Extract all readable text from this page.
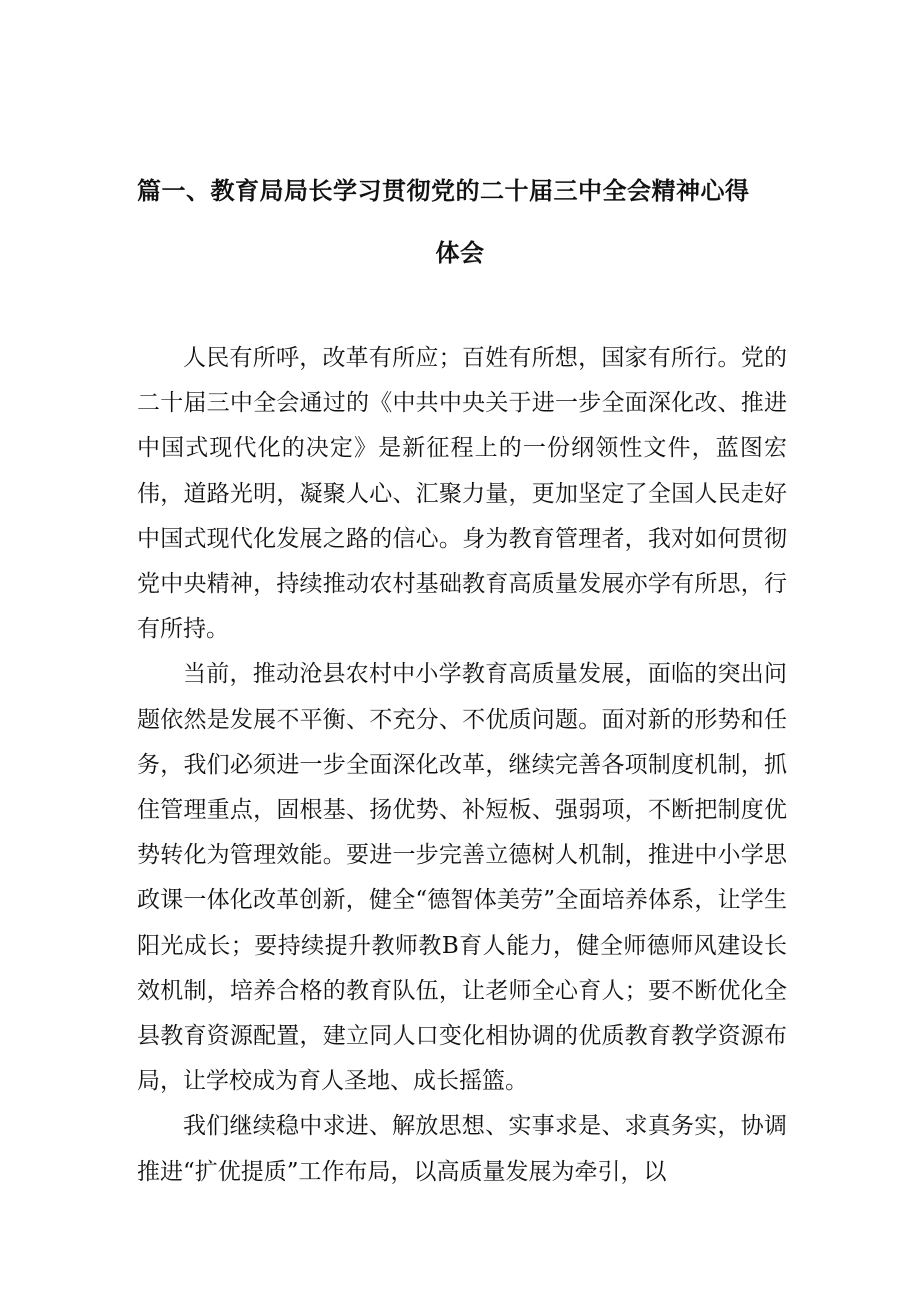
篇一、教育局局长学习贯彻党的二十届三中全会精神心得
体会

人民有所呼，改革有所应；百姓有所想，国家有所行。党的二十届三中全会通过的《中共中央关于进一步全面深化改、推进中国式现代化的决定》是新征程上的一份纲领性文件，蓝图宏伟，道路光明，凝聚人心、汇聚力量，更加坚定了全国人民走好中国式现代化发展之路的信心。身为教育管理者，我对如何贯彻党中央精神，持续推动农村基础教育高质量发展亦学有所思，行有所持。

当前，推动沧县农村中小学教育高质量发展，面临的突出问题依然是发展不平衡、不充分、不优质问题。面对新的形势和任务，我们必须进一步全面深化改革，继续完善各项制度机制，抓住管理重点，固根基、扬优势、补短板、强弱项，不断把制度优势转化为管理效能。要进一步完善立德树人机制，推进中小学思政课一体化改革创新，健全“德智体美劳”全面培养体系，让学生阳光成长；要持续提升教师教B育人能力，健全师德师风建设长效机制，培养合格的教育队伍，让老师全心育人；要不断优化全县教育资源配置，建立同人口变化相协调的优质教育教学资源布局，让学校成为育人圣地、成长摇篮。

我们继续稳中求进、解放思想、实事求是、求真务实，协调推进“扩优提质”工作布局，以高质量发展为牵引，以
